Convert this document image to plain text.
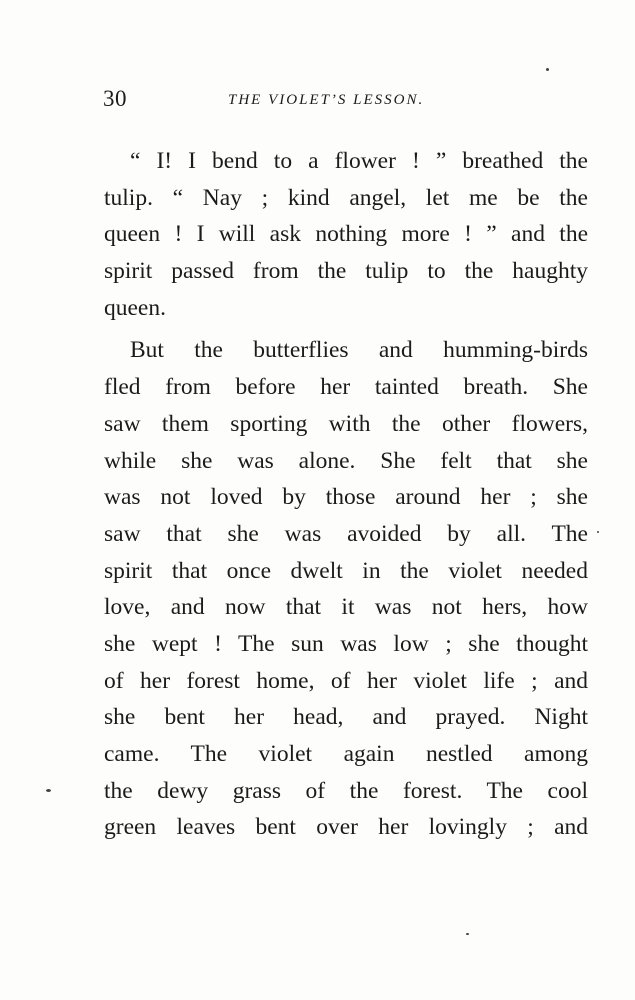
30	THE VIOLET’S LESSON.
“ I! I bend to a flower ! ” breathed the
tulip. “ Nay ; kind angel, let me be the
queen ! I will ask nothing more ! ” and the
spirit passed from the tulip to the haughty
queen.
But the butterflies and humming-birds
fled from before her tainted breath. She
saw them sporting with the other flowers,
while she was alone. She felt that she
was not loved by those around her ; she
saw that she was avoided by all. The
spirit that once dwelt in the violet needed
love, and now that it was not hers, how
she wept ! The sun was low ; she thought
of her forest home, of her violet life ; and
she bent her head, and prayed. Night
came. The violet again nestled among
the dewy grass of the forest. The cool
green leaves bent over her lovingly ; and
